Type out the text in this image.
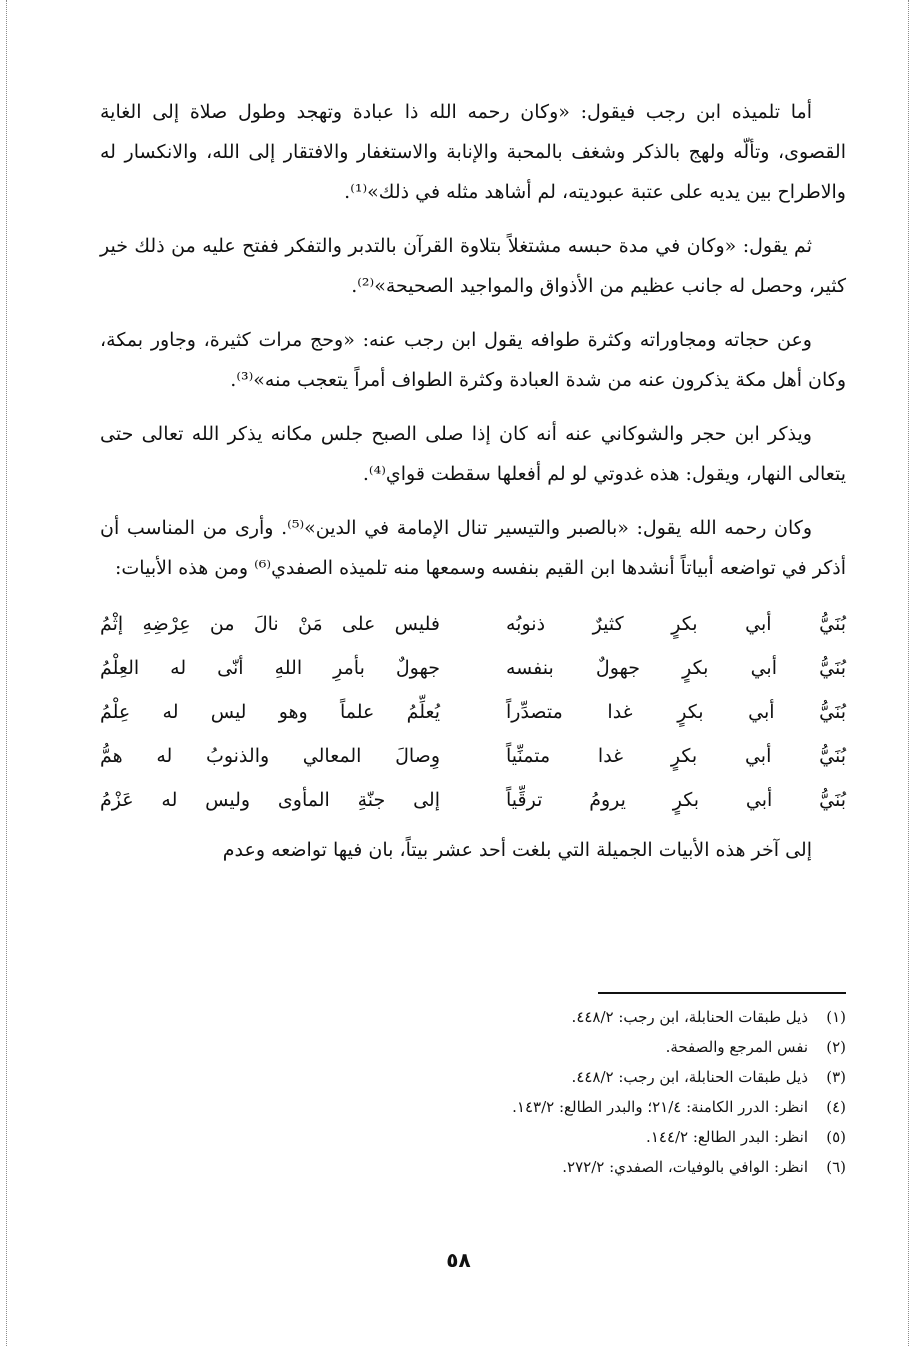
أما تلميذه ابن رجب فيقول: «وكان رحمه الله ذا عبادة وتهجد وطول صلاة إلى الغاية القصوى، وتألّه ولهج بالذكر وشغف بالمحبة والإنابة والاستغفار والافتقار إلى الله، والانكسار له والاطراح بين يديه على عتبة عبوديته، لم أشاهد مثله في ذلك»⁽¹⁾.

ثم يقول: «وكان في مدة حبسه مشتغلاً بتلاوة القرآن بالتدبر والتفكر ففتح عليه من ذلك خير كثير، وحصل له جانب عظيم من الأذواق والمواجيد الصحيحة»⁽²⁾.

وعن حجاته ومجاوراته وكثرة طوافه يقول ابن رجب عنه: «وحج مرات كثيرة، وجاور بمكة، وكان أهل مكة يذكرون عنه من شدة العبادة وكثرة الطواف أمراً يتعجب منه»⁽³⁾.

ويذكر ابن حجر والشوكاني عنه أنه كان إذا صلى الصبح جلس مكانه يذكر الله تعالى حتى يتعالى النهار، ويقول: هذه غدوتي لو لم أفعلها سقطت قواي⁽⁴⁾.

وكان رحمه الله يقول: «بالصبر والتيسير تنال الإمامة في الدين»⁽⁵⁾. وأرى من المناسب أن أذكر في تواضعه أبياتاً أنشدها ابن القيم بنفسه وسمعها منه تلميذه الصفدي⁽⁶⁾ ومن هذه الأبيات:

بُنَيُّ أبي بكرٍ كثيرٌ ذنوبُه
فليس على مَنْ نالَ من عِرْضِهِ إثْمُ
بُنَيُّ أبي بكرٍ جهولٌ بنفسه
جهولٌ بأمرِ اللهِ أنّى له العِلْمُ
بُنَيُّ أبي بكرٍ غدا متصدِّراً
يُعلِّمُ علماً وهو ليس له عِلْمُ
بُنَيُّ أبي بكرٍ غدا متمنِّياً
وِصالَ المعالي والذنوبُ له همُّ
بُنَيُّ أبي بكرٍ يرومُ ترقِّياً
إلى جنّةِ المأوى وليس له عَزْمُ

إلى آخر هذه الأبيات الجميلة التي بلغت أحد عشر بيتاً، بان فيها تواضعه وعدم

(١)
ذيل طبقات الحنابلة، ابن رجب: ٤٤٨/٢.
(٢)
نفس المرجع والصفحة.
(٣)
ذيل طبقات الحنابلة، ابن رجب: ٤٤٨/٢.
(٤)
انظر: الدرر الكامنة: ٢١/٤؛ والبدر الطالع: ١٤٣/٢.
(٥)
انظر: البدر الطالع: ١٤٤/٢.
(٦)
انظر: الوافي بالوفيات، الصفدي: ٢٧٢/٢.
٥٨
